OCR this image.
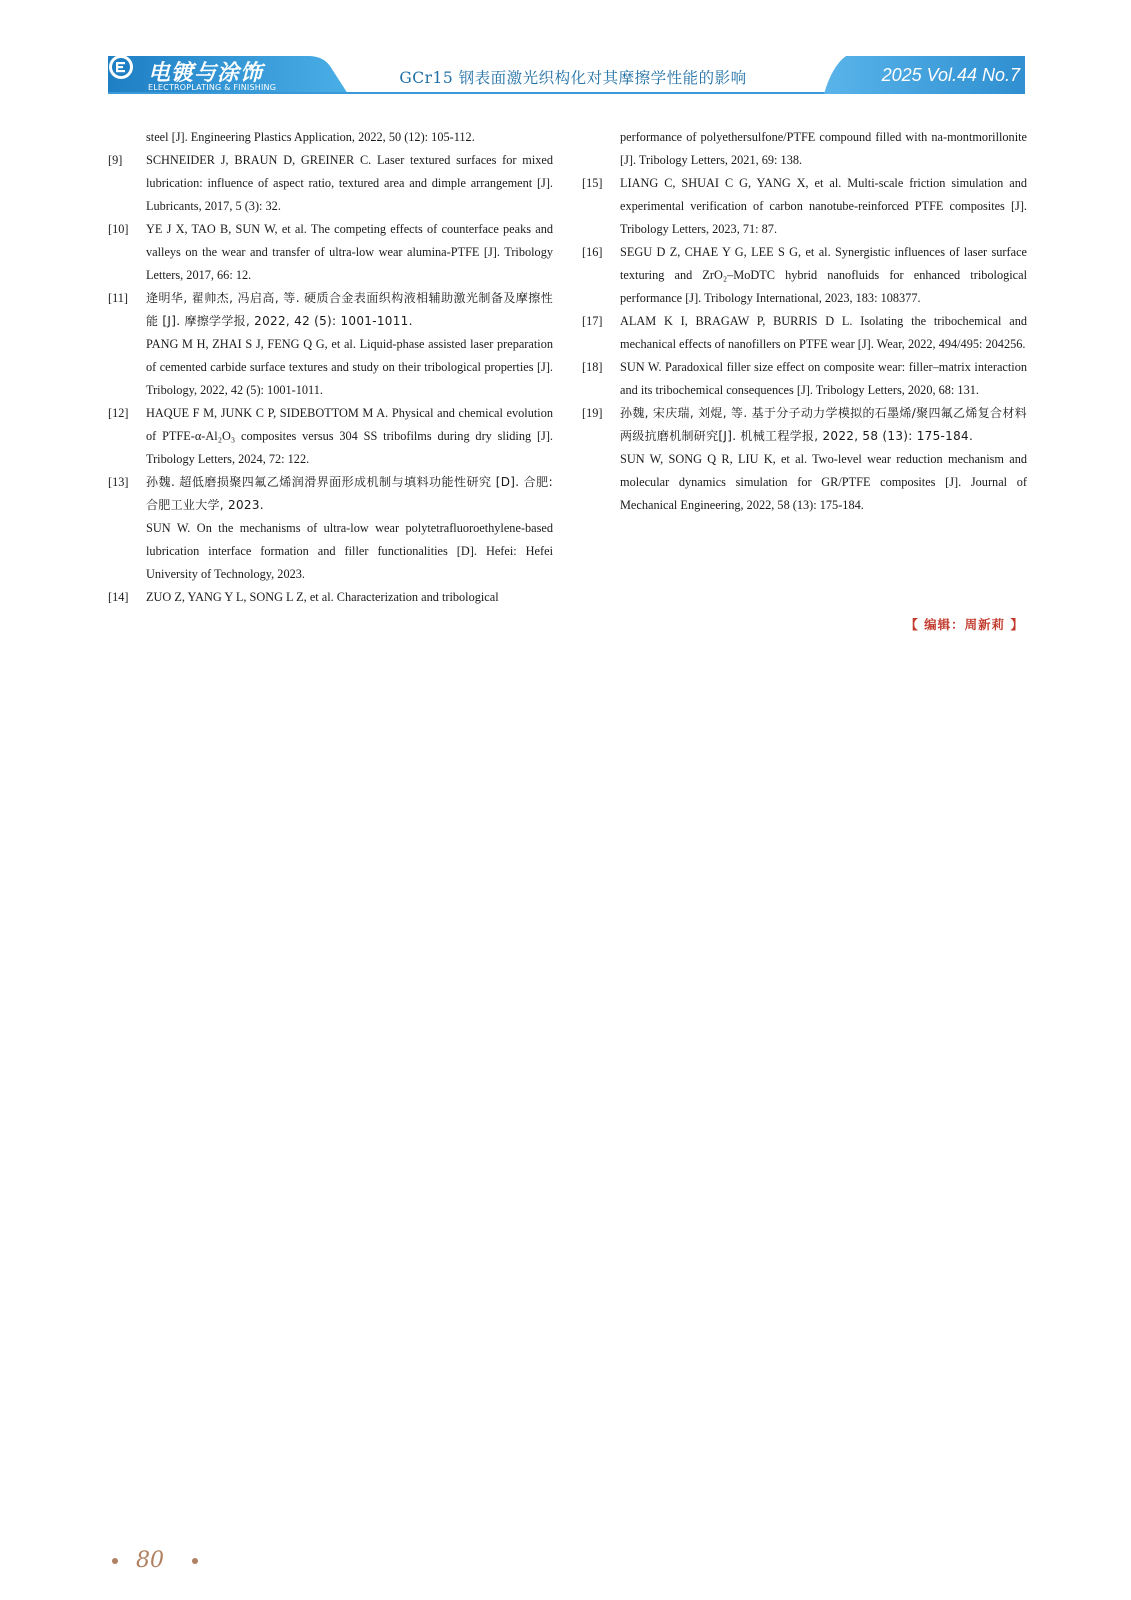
电镀与涂饰
ELECTROPLATING & FINISHING
GCr15 钢表面激光织构化对其摩擦学性能的影响	2025 Vol.44 No.7
steel [J]. Engineering Plastics Application, 2022, 50 (12): 105-112.
[9] SCHNEIDER J, BRAUN D, GREINER C. Laser textured surfaces for mixed lubrication: influence of aspect ratio, textured area and dimple arrangement [J]. Lubricants, 2017, 5 (3): 32.
[10] YE J X, TAO B, SUN W, et al. The competing effects of counterface peaks and valleys on the wear and transfer of ultra-low wear alumina-PTFE [J]. Tribology Letters, 2017, 66: 12.
[11] 逄明华, 翟帅杰, 冯启高, 等. 硬质合金表面织构液相辅助激光制备及摩擦性能 [J]. 摩擦学学报, 2022, 42 (5): 1001-1011.
PANG M H, ZHAI S J, FENG Q G, et al. Liquid-phase assisted laser preparation of cemented carbide surface textures and study on their tribological properties [J]. Tribology, 2022, 42 (5): 1001-1011.
[12] HAQUE F M, JUNK C P, SIDEBOTTOM M A. Physical and chemical evolution of PTFE-α-Al₂O₃ composites versus 304 SS tribofilms during dry sliding [J]. Tribology Letters, 2024, 72: 122.
[13] 孙魏. 超低磨损聚四氟乙烯润滑界面形成机制与填料功能性研究 [D]. 合肥: 合肥工业大学, 2023.
SUN W. On the mechanisms of ultra-low wear polytetrafluoroethylene-based lubrication interface formation and filler functionalities [D]. Hefei: Hefei University of Technology, 2023.
[14] ZUO Z, YANG Y L, SONG L Z, et al. Characterization and tribological
performance of polyethersulfone/PTFE compound filled with na-montmorillonite [J]. Tribology Letters, 2021, 69: 138.
[15] LIANG C, SHUAI C G, YANG X, et al. Multi-scale friction simulation and experimental verification of carbon nanotube-reinforced PTFE composites [J]. Tribology Letters, 2023, 71: 87.
[16] SEGU D Z, CHAE Y G, LEE S G, et al. Synergistic influences of laser surface texturing and ZrO₂–MoDTC hybrid nanofluids for enhanced tribological performance [J]. Tribology International, 2023, 183: 108377.
[17] ALAM K I, BRAGAW P, BURRIS D L. Isolating the tribochemical and mechanical effects of nanofillers on PTFE wear [J]. Wear, 2022, 494/495: 204256.
[18] SUN W. Paradoxical filler size effect on composite wear: filler–matrix interaction and its tribochemical consequences [J]. Tribology Letters, 2020, 68: 131.
[19] 孙魏, 宋庆瑞, 刘焜, 等. 基于分子动力学模拟的石墨烯/聚四氟乙烯复合材料两级抗磨机制研究[J]. 机械工程学报, 2022, 58 (13): 175-184.
SUN W, SONG Q R, LIU K, et al. Two-level wear reduction mechanism and molecular dynamics simulation for GR/PTFE composites [J]. Journal of Mechanical Engineering, 2022, 58 (13): 175-184.
【 编辑：周新莉 】
80
